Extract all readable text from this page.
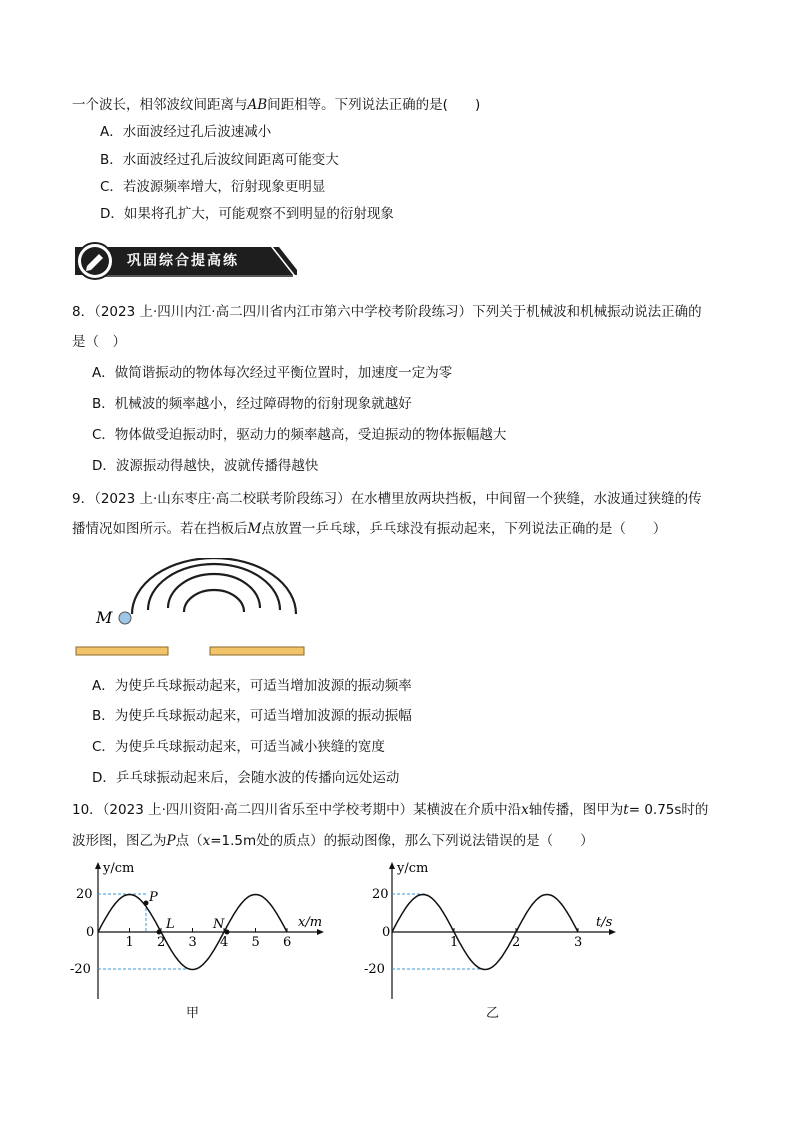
一个波长，相邻波纹间距离与AB间距相等。下列说法正确的是(　　)
A．水面波经过孔后波速减小
B．水面波经过孔后波纹间距离可能变大
C．若波源频率增大，衍射现象更明显
D．如果将孔扩大，可能观察不到明显的衍射现象
巩固综合提高练
8．（2023 上·四川内江·高二四川省内江市第六中学校考阶段练习）下列关于机械波和机械振动说法正确的
是（　）
A．做简谐振动的物体每次经过平衡位置时，加速度一定为零
B．机械波的频率越小，经过障碍物的衍射现象就越好
C．物体做受迫振动时，驱动力的频率越高，受迫振动的物体振幅越大
D．波源振动得越快，波就传播得越快
9．（2023 上·山东枣庄·高二校联考阶段练习）在水槽里放两块挡板，中间留一个狭缝，水波通过狭缝的传
播情况如图所示。若在挡板后M点放置一乒乓球，乒乓球没有振动起来，下列说法正确的是（　　）
M
A．为使乒乓球振动起来，可适当增加波源的振动频率
B．为使乒乓球振动起来，可适当增加波源的振动振幅
C．为使乒乓球振动起来，可适当减小狭缝的宽度
D．乒乓球振动起来后，会随水波的传播向远处运动
10．（2023 上·四川资阳·高二四川省乐至中学校考期中）某横波在介质中沿x轴传播，图甲为t= 0.75s时的
波形图，图乙为P点（x=1.5m处的质点）的振动图像，那么下列说法错误的是（　　）
y/cm
x/m
1 2 3 4 5 6
20
0
-20
P
L	N
甲
y/cm
t/s
1	2	3
20
0
-20
乙
